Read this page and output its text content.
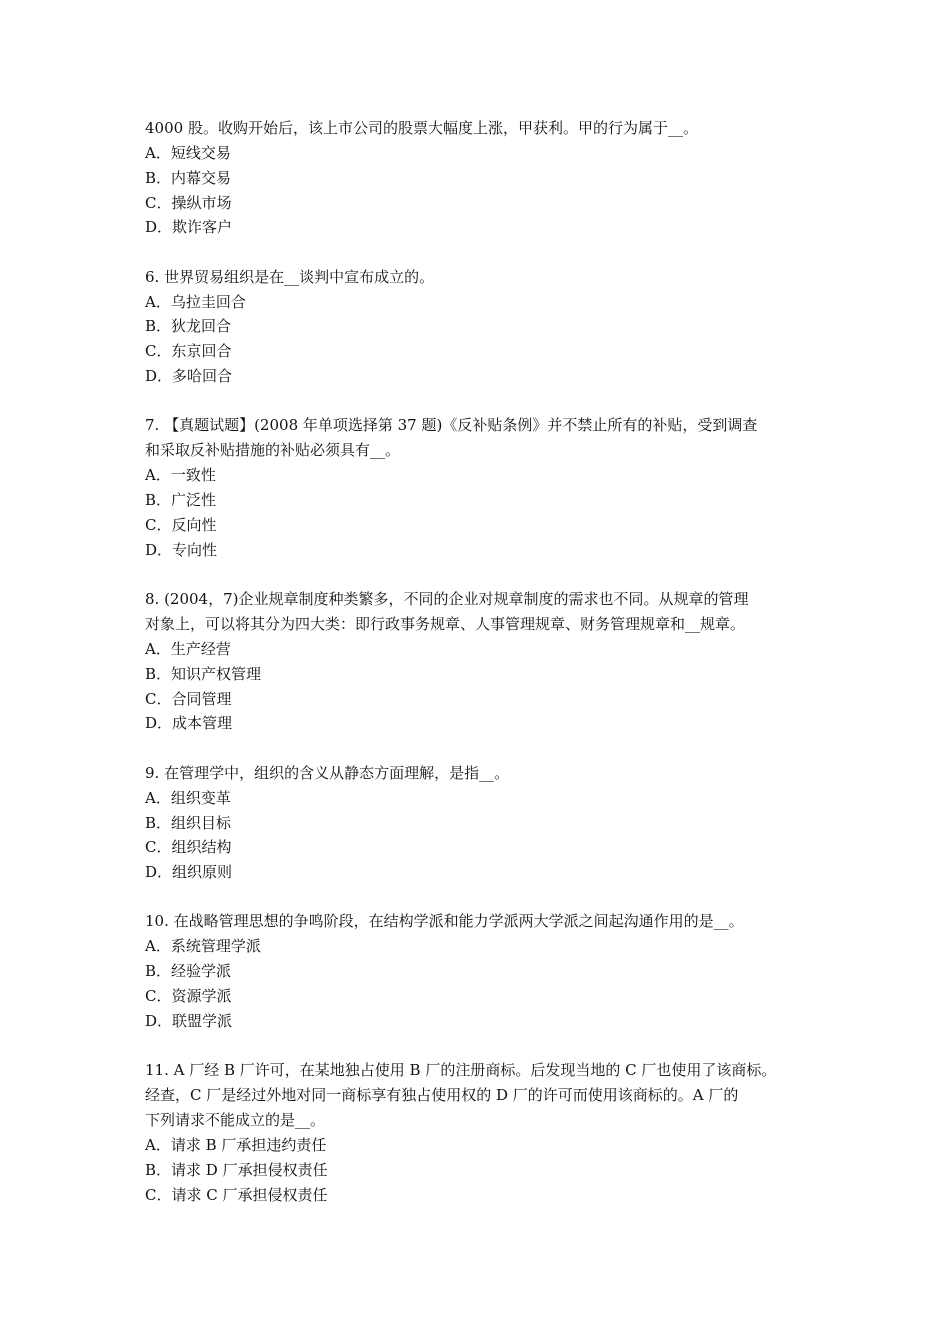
4000 股。收购开始后，该上市公司的股票大幅度上涨，甲获利。甲的行为属于__。
A．短线交易
B．内幕交易
C．操纵市场
D．欺诈客户
6. 世界贸易组织是在__谈判中宣布成立的。
A．乌拉圭回合
B．狄龙回合
C．东京回合
D．多哈回合
7. 【真题试题】(2008 年单项选择第 37 题)《反补贴条例》并不禁止所有的补贴，受到调查
和采取反补贴措施的补贴必须具有__。
A．一致性
B．广泛性
C．反向性
D．专向性
8. (2004，7)企业规章制度种类繁多，不同的企业对规章制度的需求也不同。从规章的管理
对象上，可以将其分为四大类：即行政事务规章、人事管理规章、财务管理规章和__规章。
A．生产经营
B．知识产权管理
C．合同管理
D．成本管理
9. 在管理学中，组织的含义从静态方面理解，是指__。
A．组织变革
B．组织目标
C．组织结构
D．组织原则
10. 在战略管理思想的争鸣阶段，在结构学派和能力学派两大学派之间起沟通作用的是__。
A．系统管理学派
B．经验学派
C．资源学派
D．联盟学派
11. A 厂经 B 厂许可，在某地独占使用 B 厂的注册商标。后发现当地的 C 厂也使用了该商标。
经查，C 厂是经过外地对同一商标享有独占使用权的 D 厂的许可而使用该商标的。A 厂的
下列请求不能成立的是__。
A．请求 B 厂承担违约责任
B．请求 D 厂承担侵权责任
C．请求 C 厂承担侵权责任
